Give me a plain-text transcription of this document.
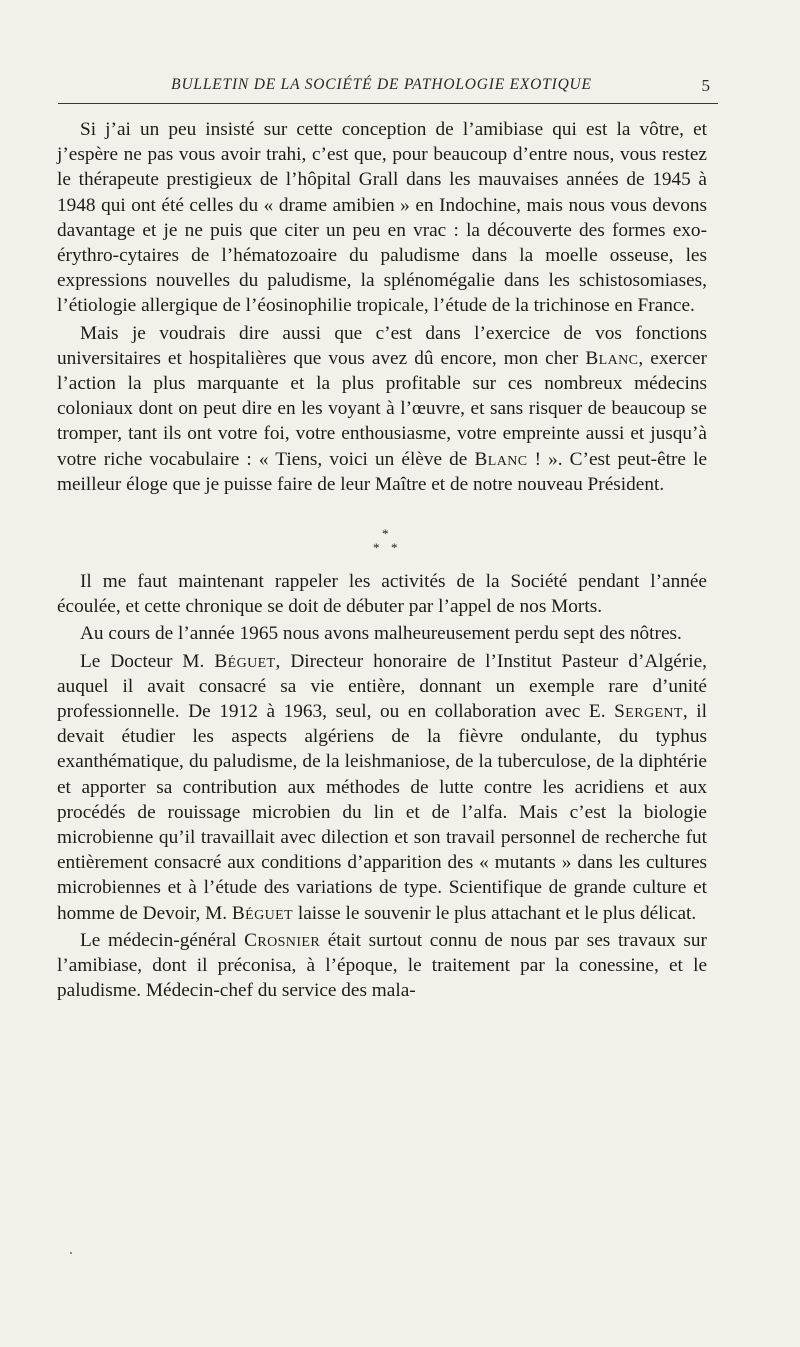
BULLETIN DE LA SOCIÉTÉ DE PATHOLOGIE EXOTIQUE	5

Si j’ai un peu insisté sur cette conception de l’amibiase qui est la vôtre, et j’espère ne pas vous avoir trahi, c’est que, pour beaucoup d’entre nous, vous restez le thérapeute prestigieux de l’hôpital Grall dans les mauvaises années de 1945 à 1948 qui ont été celles du « drame amibien » en Indochine, mais nous vous devons davantage et je ne puis que citer un peu en vrac : la découverte des formes exo-érythro-cytaires de l’hématozoaire du paludisme dans la moelle osseuse, les expressions nouvelles du paludisme, la splénomégalie dans les schistosomiases, l’étiologie allergique de l’éosinophilie tropicale, l’étude de la trichinose en France.

Mais je voudrais dire aussi que c’est dans l’exercice de vos fonctions universitaires et hospitalières que vous avez dû encore, mon cher Blanc, exercer l’action la plus marquante et la plus profitable sur ces nombreux médecins coloniaux dont on peut dire en les voyant à l’œuvre, et sans risquer de beaucoup se tromper, tant ils ont votre foi, votre enthousiasme, votre empreinte aussi et jusqu’à votre riche vocabulaire : « Tiens, voici un élève de Blanc ! ». C’est peut-être le meilleur éloge que je puisse faire de leur Maître et de notre nouveau Président.

*
* *

Il me faut maintenant rappeler les activités de la Société pendant l’année écoulée, et cette chronique se doit de débuter par l’appel de nos Morts.

Au cours de l’année 1965 nous avons malheureusement perdu sept des nôtres.

Le Docteur M. Béguet, Directeur honoraire de l’Institut Pasteur d’Algérie, auquel il avait consacré sa vie entière, donnant un exemple rare d’unité professionnelle. De 1912 à 1963, seul, ou en collaboration avec E. Sergent, il devait étudier les aspects algériens de la fièvre ondulante, du typhus exanthématique, du paludisme, de la leishmaniose, de la tuberculose, de la diphtérie et apporter sa contribution aux méthodes de lutte contre les acridiens et aux procédés de rouissage microbien du lin et de l’alfa. Mais c’est la biologie microbienne qu’il travaillait avec dilection et son travail personnel de recherche fut entièrement consacré aux conditions d’apparition des « mutants » dans les cultures microbiennes et à l’étude des variations de type. Scientifique de grande culture et homme de Devoir, M. Béguet laisse le souvenir le plus attachant et le plus délicat.

Le médecin-général Crosnier était surtout connu de nous par ses travaux sur l’amibiase, dont il préconisa, à l’époque, le traitement par la conessine, et le paludisme. Médecin-chef du service des mala-
